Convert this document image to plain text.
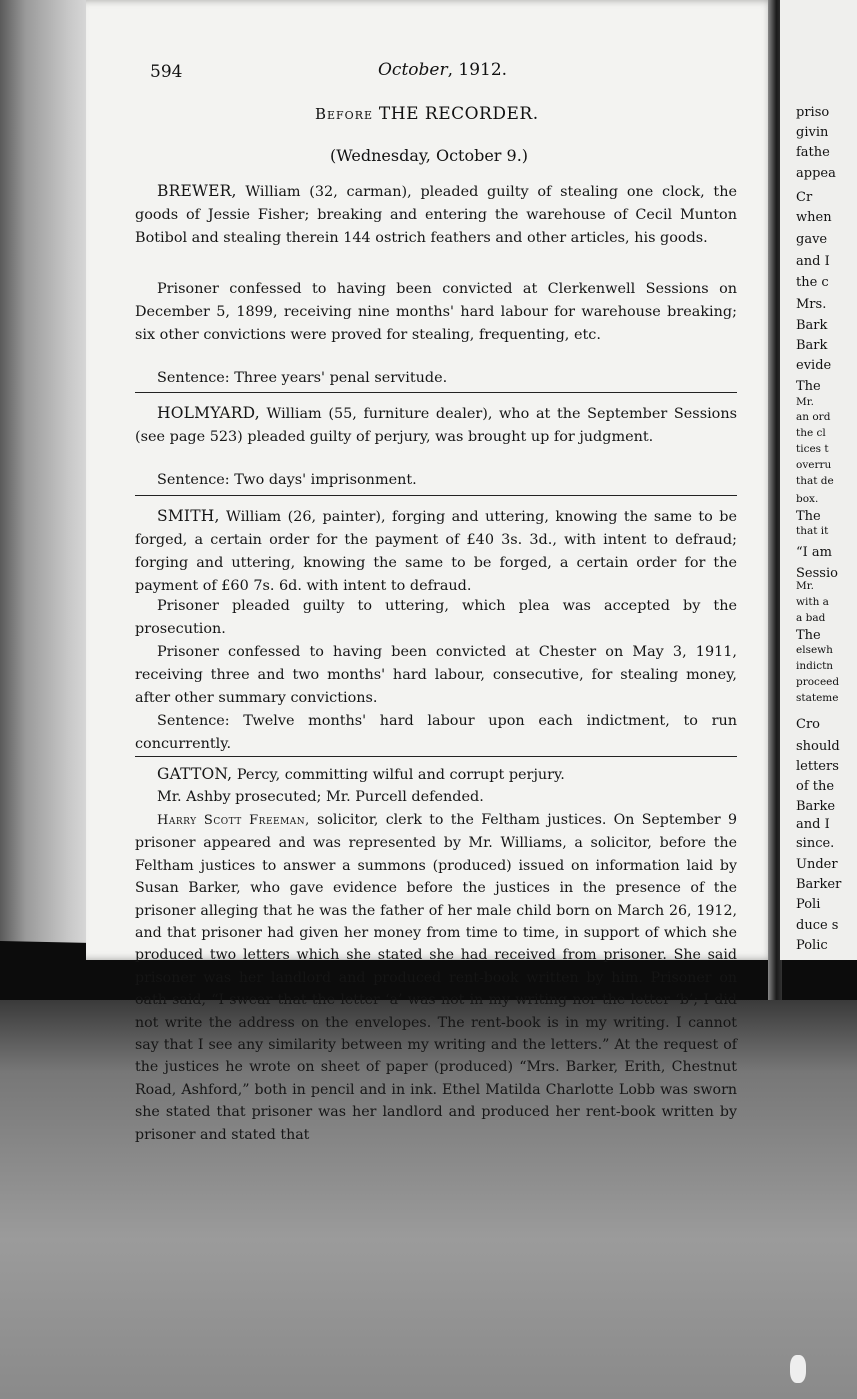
priso
givin
fathe
appea
Cr
when
gave
and I
the c
Mrs.
Bark
Bark
evide
The
Mr.
an ord
the cl
tices t
overru
that de
box.
The
that it
“I am
Sessio
Mr.
with a
a bad
The
elsewh
indictn
proceed
stateme
Cro
should
letters
of the
Barke
and I
since.
Under
Barker
Poli
duce s
Polic
594	October, 1912.
Before THE RECORDER.
(Wednesday, October 9.)
BREWER, William (32, carman), pleaded guilty of stealing one clock, the goods of Jessie Fisher; breaking and entering the warehouse of Cecil Munton Botibol and stealing therein 144 ostrich feathers and other articles, his goods.
Prisoner confessed to having been convicted at Clerkenwell Sessions on December 5, 1899, receiving nine months' hard labour for warehouse breaking; six other convictions were proved for stealing, frequenting, etc.
Sentence: Three years' penal servitude.
HOLMYARD, William (55, furniture dealer), who at the September Sessions (see page 523) pleaded guilty of perjury, was brought up for judgment.
Sentence: Two days' imprisonment.
SMITH, William (26, painter), forging and uttering, knowing the same to be forged, a certain order for the payment of £40 3s. 3d., with intent to defraud; forging and uttering, knowing the same to be forged, a certain order for the payment of £60 7s. 6d. with intent to defraud.
Prisoner pleaded guilty to uttering, which plea was accepted by the prosecution.
Prisoner confessed to having been convicted at Chester on May 3, 1911, receiving three and two months' hard labour, consecutive, for stealing money, after other summary convictions.
Sentence: Twelve months' hard labour upon each indictment, to run concurrently.
GATTON, Percy, committing wilful and corrupt perjury.
Mr. Ashby prosecuted; Mr. Purcell defended.
Harry Scott Freeman, solicitor, clerk to the Feltham justices. On September 9 prisoner appeared and was represented by Mr. Williams, a solicitor, before the Feltham justices to answer a summons (produced) issued on information laid by Susan Barker, who gave evidence before the justices in the presence of the prisoner alleging that he was the father of her male child born on March 26, 1912, and that prisoner had given her money from time to time, in support of which she produced two letters which she stated she had received from prisoner. She said prisoner was her landlord and produced rent-book written by him. Prisoner on oath said, “I swear that the letter ‘a’ was not in my writing nor the letter ‘b’; I did not write the address on the envelopes. The rent-book is in my writing. I cannot say that I see any similarity between my writing and the letters.” At the request of the justices he wrote on sheet of paper (produced) “Mrs. Barker, Erith, Chestnut Road, Ashford,” both in pencil and in ink. Ethel Matilda Charlotte Lobb was sworn she stated that prisoner was her landlord and produced her rent-book written by prisoner and stated that
